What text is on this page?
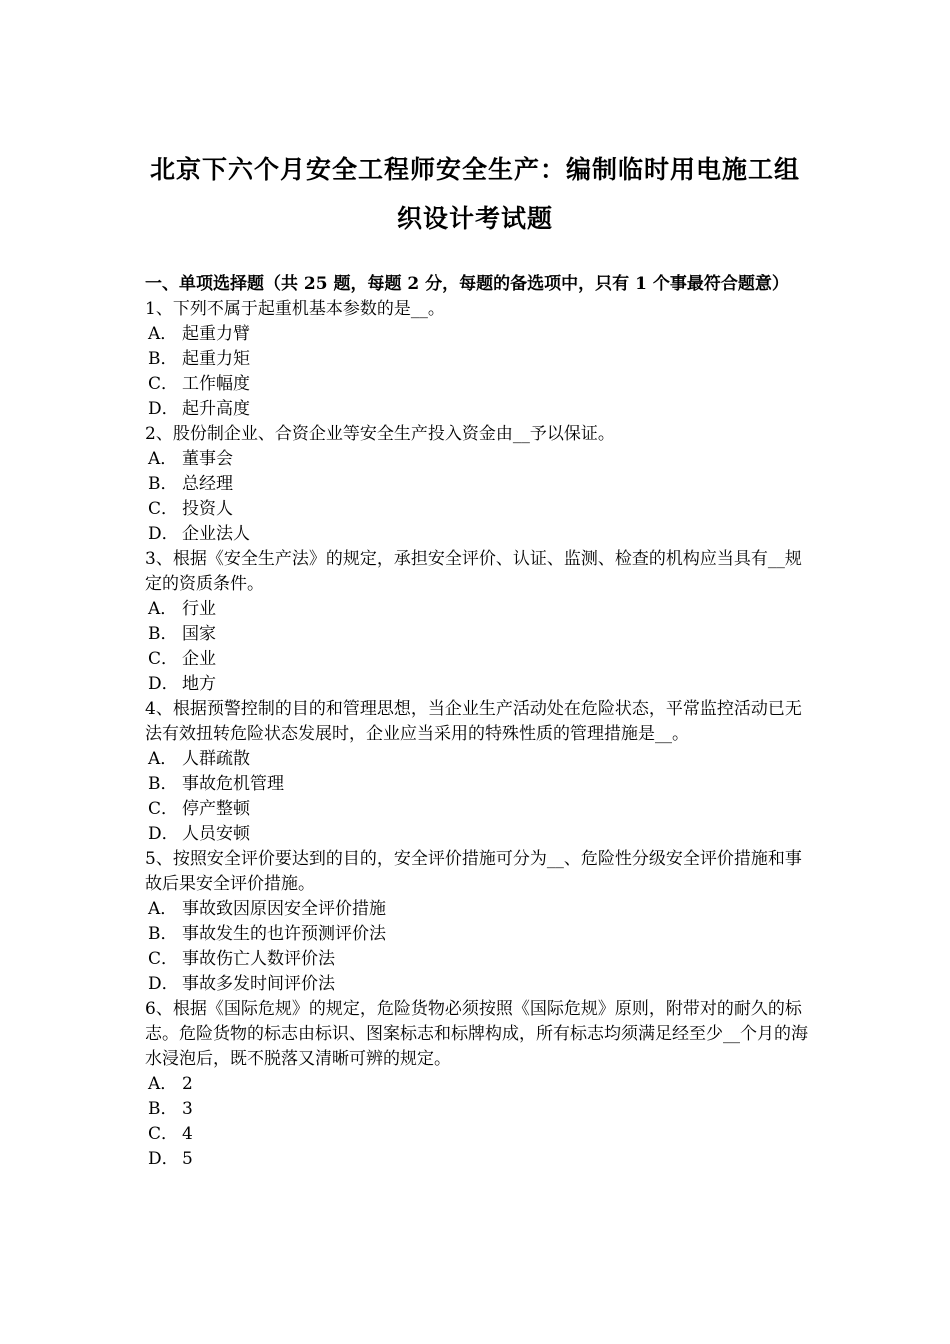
北京下六个月安全工程师安全生产：编制临时用电施工组
织设计考试题

一、单项选择题（共 25 题，每题 2 分，每题的备选项中，只有 1 个事最符合题意）

1、下列不属于起重机基本参数的是__。

A． 起重力臂

B． 起重力矩

C． 工作幅度

D． 起升高度

2、股份制企业、合资企业等安全生产投入资金由__予以保证。

A． 董事会

B． 总经理

C． 投资人

D． 企业法人

3、根据《安全生产法》的规定，承担安全评价、认证、监测、检查的机构应当具有__规定的资质条件。

A． 行业

B． 国家

C． 企业

D． 地方

4、根据预警控制的目的和管理思想，当企业生产活动处在危险状态，平常监控活动已无法有效扭转危险状态发展时，企业应当采用的特殊性质的管理措施是__。

A． 人群疏散

B． 事故危机管理

C． 停产整顿

D． 人员安顿

5、按照安全评价要达到的目的，安全评价措施可分为__、危险性分级安全评价措施和事故后果安全评价措施。

A． 事故致因原因安全评价措施

B． 事故发生的也许预测评价法

C． 事故伤亡人数评价法

D． 事故多发时间评价法

6、根据《国际危规》的规定，危险货物必须按照《国际危规》原则，附带对的耐久的标志。危险货物的标志由标识、图案标志和标牌构成，所有标志均须满足经至少__个月的海水浸泡后，既不脱落又清晰可辨的规定。

A． 2

B． 3

C． 4

D． 5
